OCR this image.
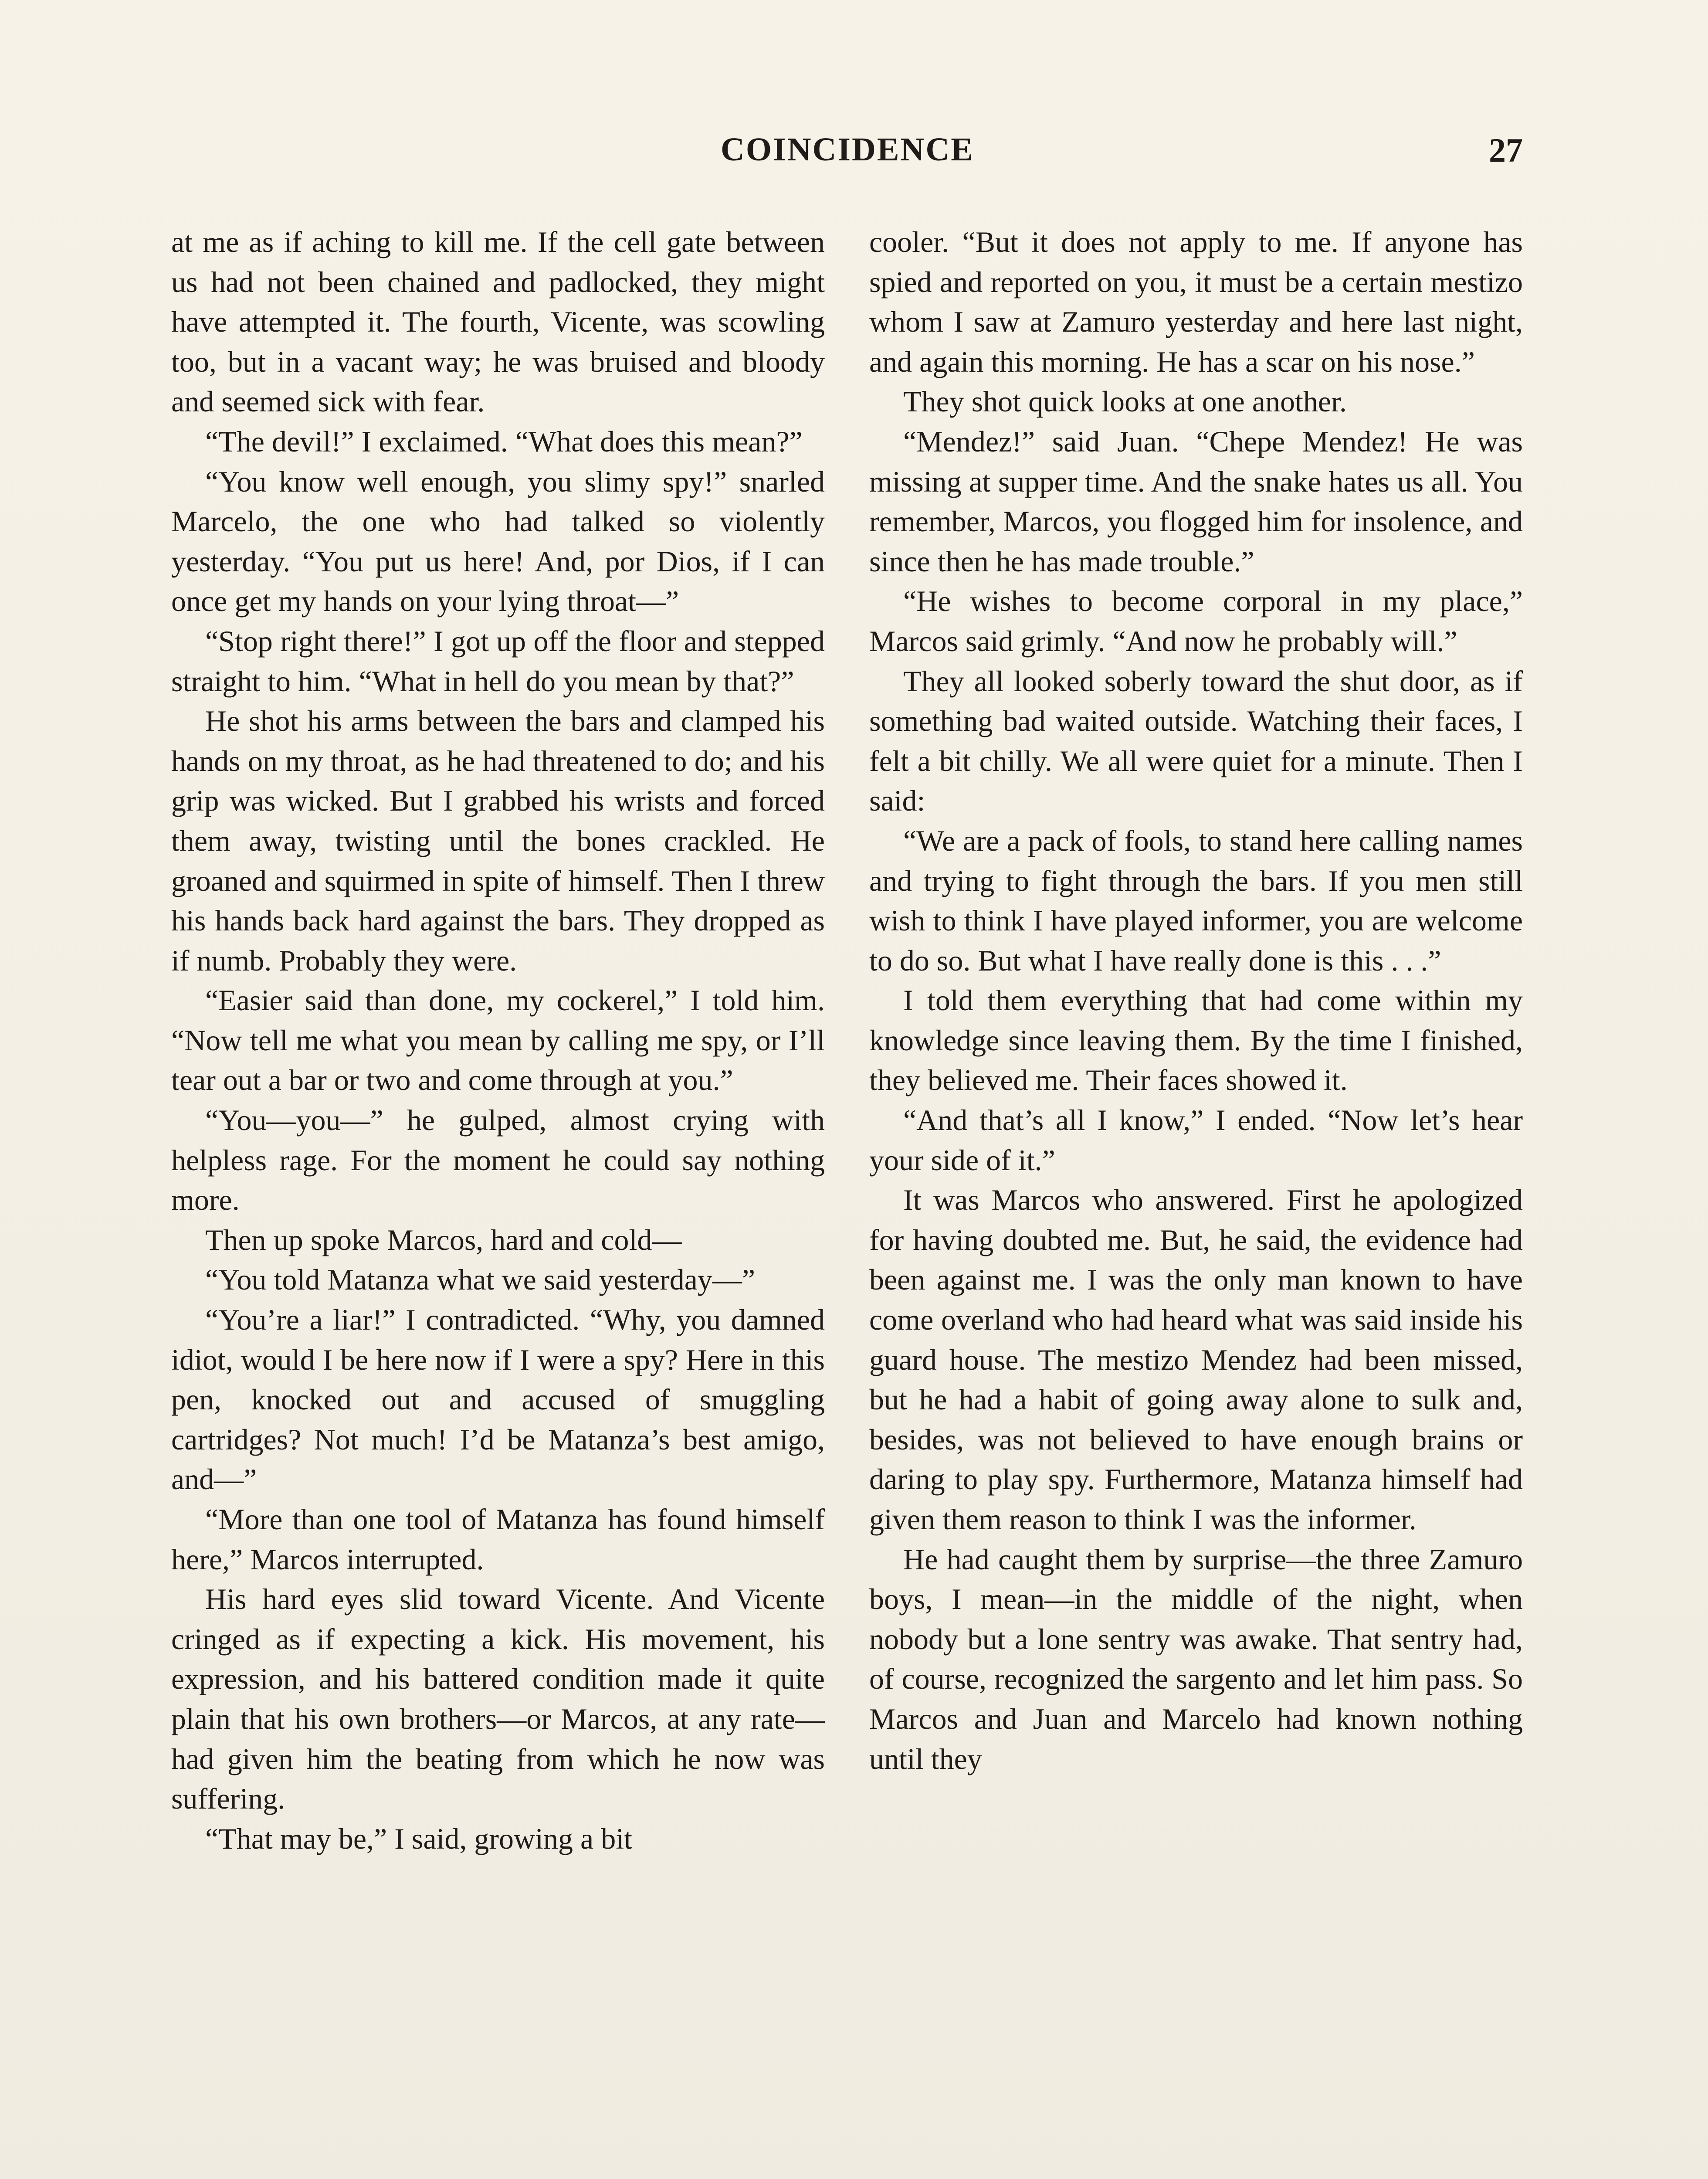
COINCIDENCE	27

at me as if aching to kill me. If the cell gate between us had not been chained and padlocked, they might have attempted it. The fourth, Vicente, was scowling too, but in a vacant way; he was bruised and bloody and seemed sick with fear.

“The devil!” I exclaimed. “What does this mean?”

“You know well enough, you slimy spy!” snarled Marcelo, the one who had talked so violently yesterday. “You put us here! And, por Dios, if I can once get my hands on your lying throat—”

“Stop right there!” I got up off the floor and stepped straight to him. “What in hell do you mean by that?”

He shot his arms between the bars and clamped his hands on my throat, as he had threatened to do; and his grip was wicked. But I grabbed his wrists and forced them away, twisting until the bones crackled. He groaned and squirmed in spite of himself. Then I threw his hands back hard against the bars. They dropped as if numb. Probably they were.

“Easier said than done, my cockerel,” I told him. “Now tell me what you mean by calling me spy, or I’ll tear out a bar or two and come through at you.”

“You—you—” he gulped, almost crying with helpless rage. For the moment he could say nothing more.

Then up spoke Marcos, hard and cold—

“You told Matanza what we said yesterday—”

“You’re a liar!” I contradicted. “Why, you damned idiot, would I be here now if I were a spy? Here in this pen, knocked out and accused of smuggling cartridges? Not much! I’d be Matanza’s best amigo, and—”

“More than one tool of Matanza has found himself here,” Marcos interrupted.

His hard eyes slid toward Vicente. And Vicente cringed as if expecting a kick. His movement, his expression, and his battered condition made it quite plain that his own brothers—or Marcos, at any rate—had given him the beating from which he now was suffering.

“That may be,” I said, growing a bit

cooler. “But it does not apply to me. If anyone has spied and reported on you, it must be a certain mestizo whom I saw at Zamuro yesterday and here last night, and again this morning. He has a scar on his nose.”

They shot quick looks at one another.

“Mendez!” said Juan. “Chepe Mendez! He was missing at supper time. And the snake hates us all. You remember, Marcos, you flogged him for insolence, and since then he has made trouble.”

“He wishes to become corporal in my place,” Marcos said grimly. “And now he probably will.”

They all looked soberly toward the shut door, as if something bad waited outside. Watching their faces, I felt a bit chilly. We all were quiet for a minute. Then I said:

“We are a pack of fools, to stand here calling names and trying to fight through the bars. If you men still wish to think I have played informer, you are welcome to do so. But what I have really done is this . . .”

I told them everything that had come within my knowledge since leaving them. By the time I finished, they believed me. Their faces showed it.

“And that’s all I know,” I ended. “Now let’s hear your side of it.”

It was Marcos who answered. First he apologized for having doubted me. But, he said, the evidence had been against me. I was the only man known to have come overland who had heard what was said inside his guard house. The mestizo Mendez had been missed, but he had a habit of going away alone to sulk and, besides, was not believed to have enough brains or daring to play spy. Furthermore, Matanza himself had given them reason to think I was the informer.

He had caught them by surprise—the three Zamuro boys, I mean—in the middle of the night, when nobody but a lone sentry was awake. That sentry had, of course, recognized the sargento and let him pass. So Marcos and Juan and Marcelo had known nothing until they
